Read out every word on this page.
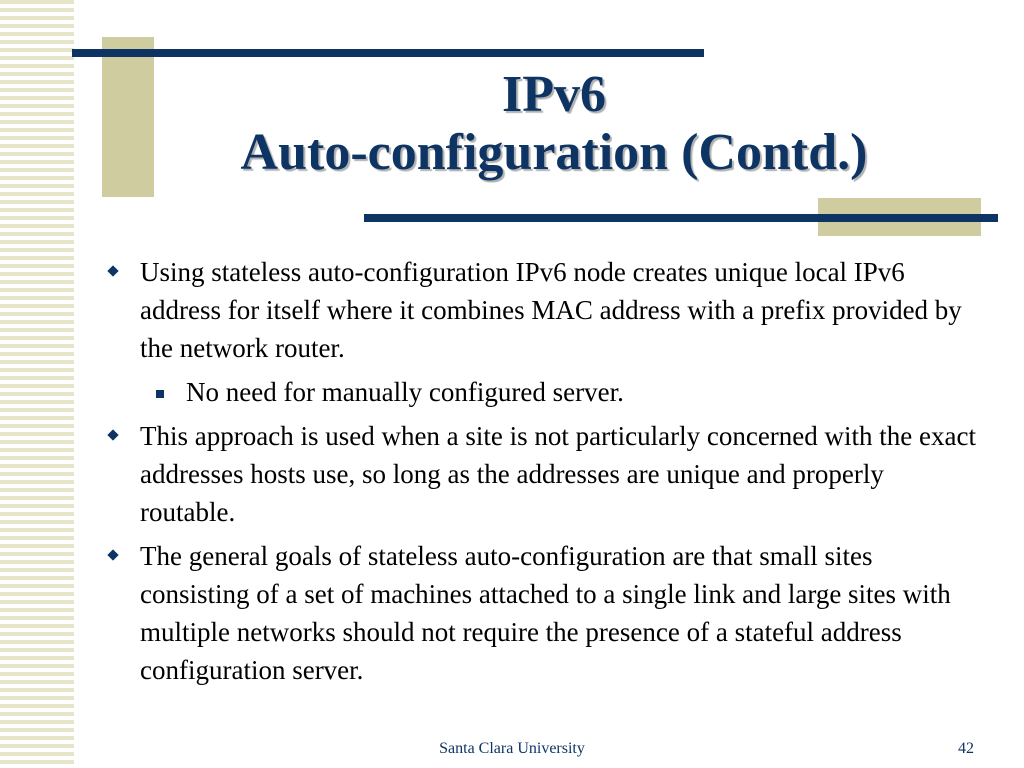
IPv6
Auto-configuration (Contd.)
Using stateless auto-configuration IPv6 node creates unique local IPv6 address for itself where it combines MAC address with a prefix provided by the network router.
No need for manually configured server.
This approach is used when a site is not particularly concerned with the exact addresses hosts use, so long as the addresses are unique and properly routable.
The general goals of stateless auto-configuration are that small sites consisting of a set of machines attached to a single link and large sites with multiple networks should not require the presence of a stateful address configuration server.
Santa Clara University	42
